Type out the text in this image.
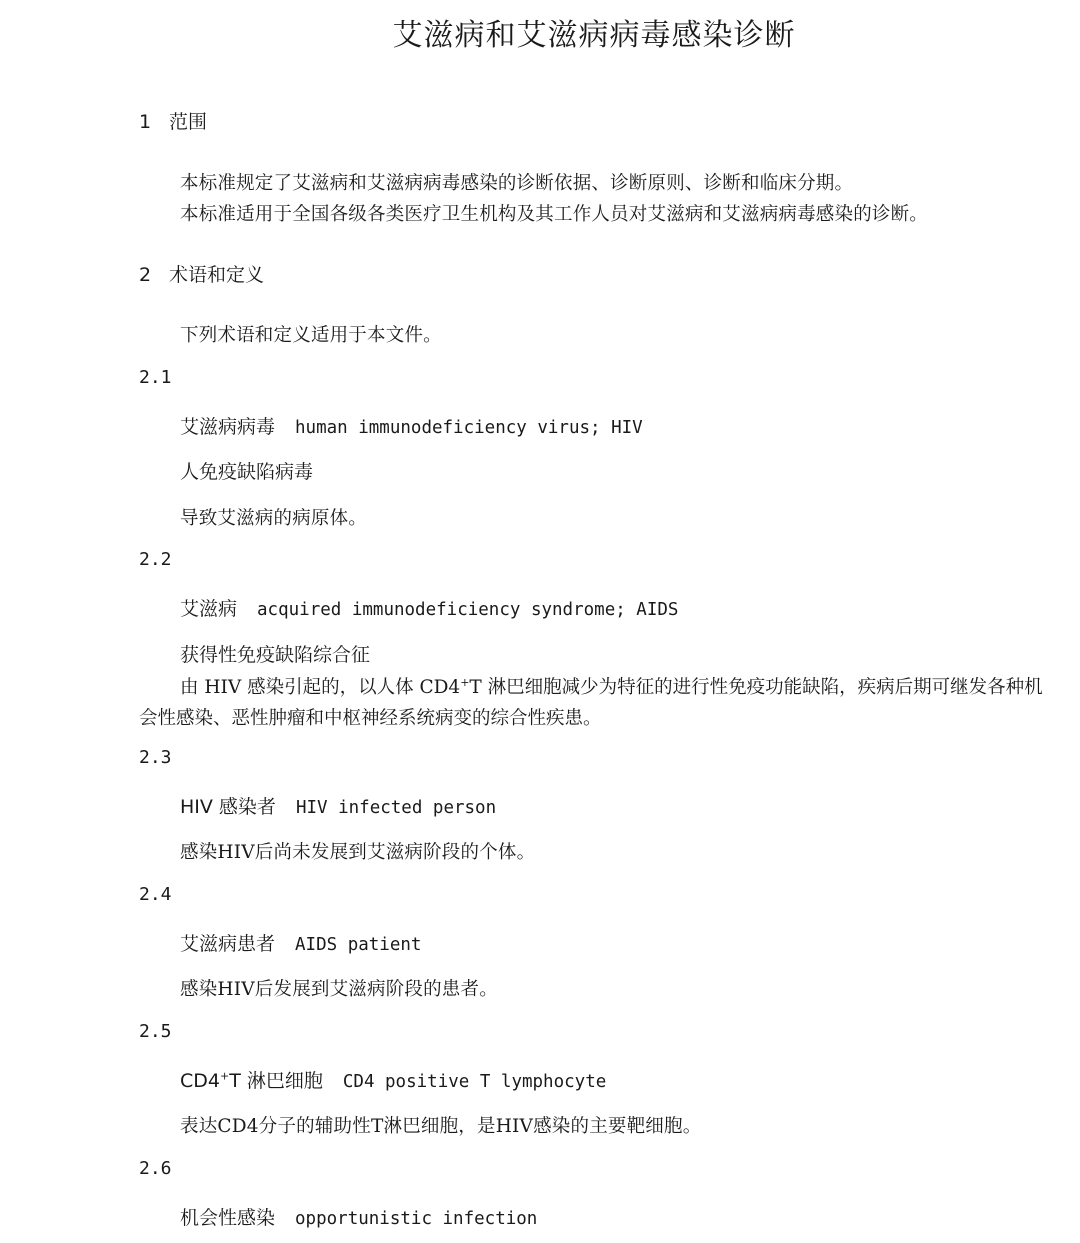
艾滋病和艾滋病病毒感染诊断
1 范围
本标准规定了艾滋病和艾滋病病毒感染的诊断依据、诊断原则、诊断和临床分期。
本标准适用于全国各级各类医疗卫生机构及其工作人员对艾滋病和艾滋病病毒感染的诊断。
2 术语和定义
下列术语和定义适用于本文件。
2.1
艾滋病病毒 human immunodeficiency virus; HIV
人免疫缺陷病毒
导致艾滋病的病原体。
2.2
艾滋病 acquired immunodeficiency syndrome; AIDS
获得性免疫缺陷综合征
由 HIV 感染引起的，以人体 CD4+T 淋巴细胞减少为特征的进行性免疫功能缺陷，疾病后期可继发各种机会性感染、恶性肿瘤和中枢神经系统病变的综合性疾患。
2.3
HIV 感染者 HIV infected person
感染HIV后尚未发展到艾滋病阶段的个体。
2.4
艾滋病患者 AIDS patient
感染HIV后发展到艾滋病阶段的患者。
2.5
CD4+T 淋巴细胞 CD4 positive T lymphocyte
表达CD4分子的辅助性T淋巴细胞，是HIV感染的主要靶细胞。
2.6
机会性感染 opportunistic infection
